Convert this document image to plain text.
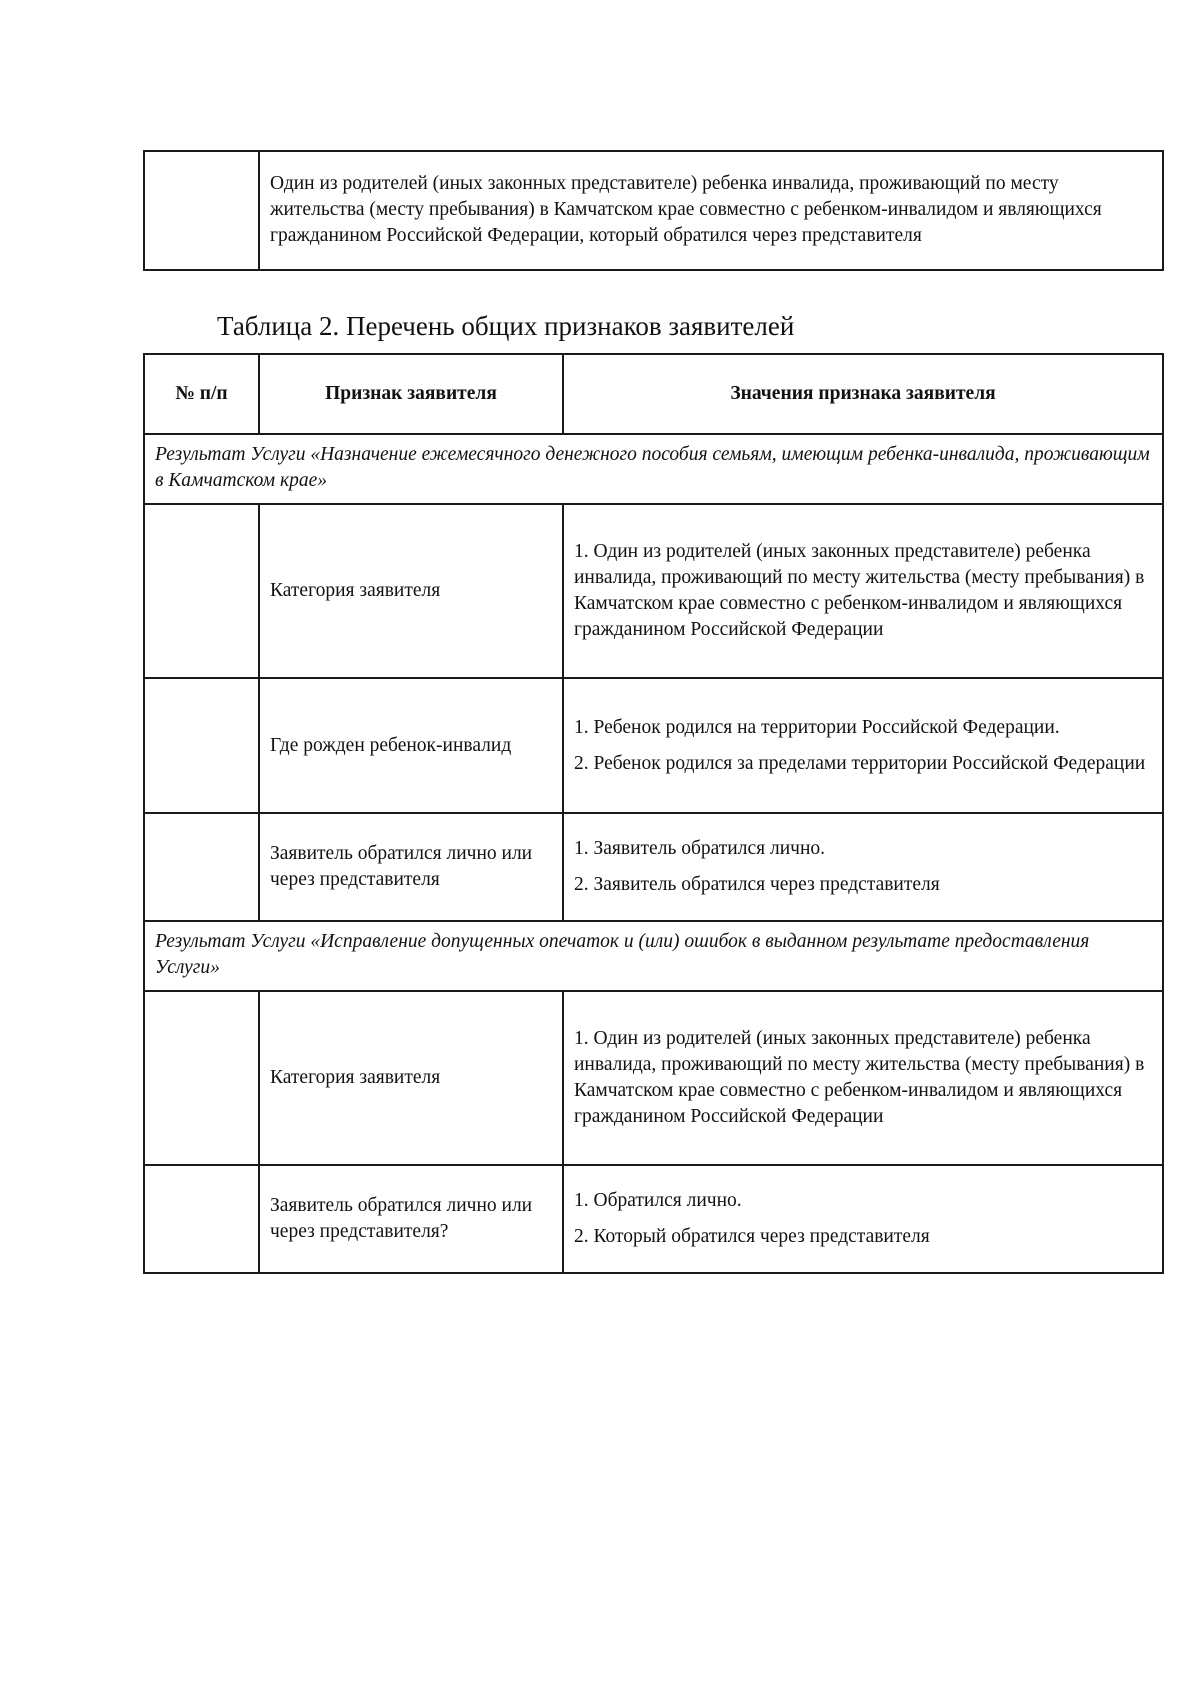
	Один из родителей (иных законных представителе) ребенка инвалида, проживающий по месту жительства (месту пребывания) в Камчатском крае совместно с ребенком-инвалидом и являющихся гражданином Российской Федерации, который обратился через представителя
Таблица 2. Перечень общих признаков заявителей
№ п/п	Признак заявителя	Значения признака заявителя
Результат Услуги «Назначение ежемесячного денежного пособия семьям, имеющим ребенка-инвалида, проживающим в Камчатском крае»		
	Категория заявителя	1. Один из родителей (иных законных представителе) ребенка инвалида, проживающий по месту жительства (месту пребывания) в Камчатском крае совместно с ребенком-инвалидом и являющихся гражданином Российской Федерации

	Где рожден ребенок-инвалид	1. Ребенок родился на территории Российской Федерации.
2. Ребенок родился за пределами территории Российской Федерации

	Заявитель обратился лично или через представителя	1. Заявитель обратился лично.
2. Заявитель обратился через представителя

Результат Услуги «Исправление допущенных опечаток и (или) ошибок в выданном результате предоставления Услуги»		
	Категория заявителя	1. Один из родителей (иных законных представителе) ребенка инвалида, проживающий по месту жительства (месту пребывания) в Камчатском крае совместно с ребенком-инвалидом и являющихся гражданином Российской Федерации

	Заявитель обратился лично или через представителя?	1. Обратился лично.
2. Который обратился через представителя
